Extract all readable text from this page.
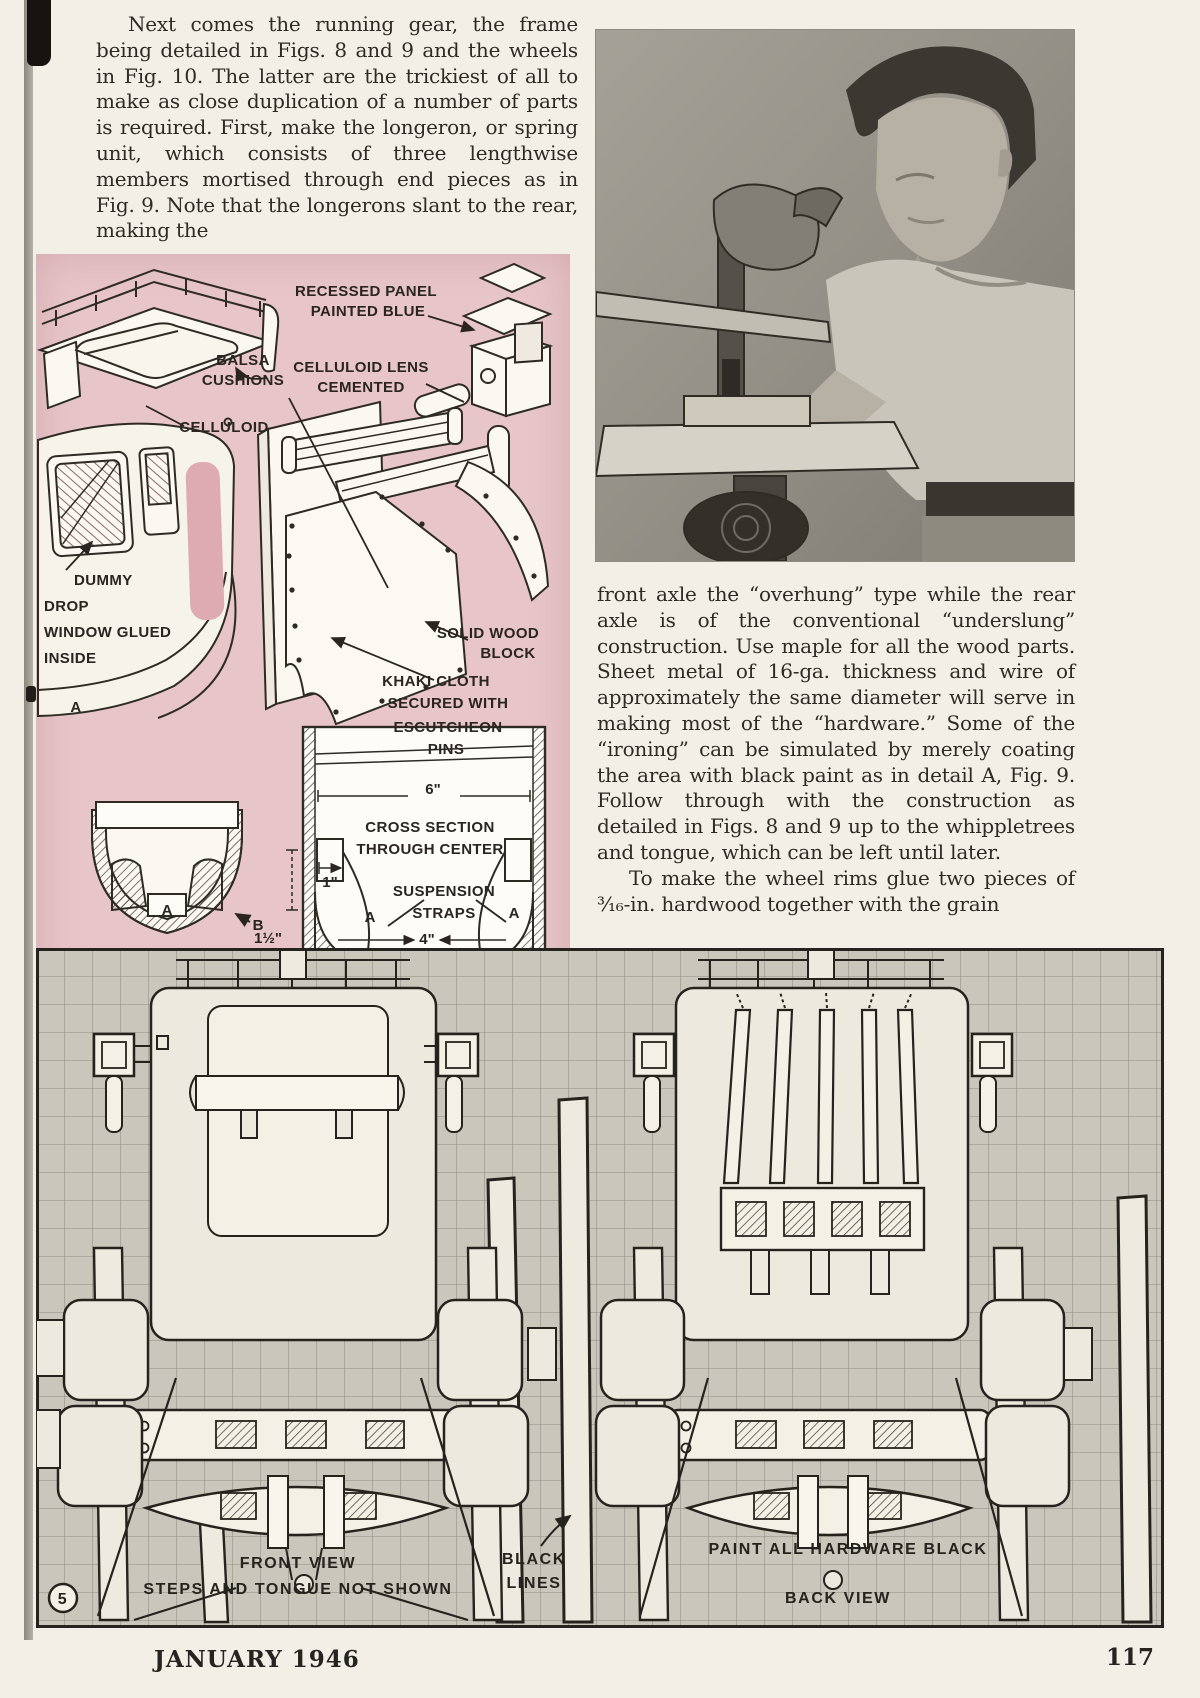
Next comes the running gear, the frame being detailed in Figs. 8 and 9 and the wheels in Fig. 10. The latter are the trickiest of all to make as close duplication of a number of parts is required. First, make the longeron, or spring unit, which consists of three lengthwise members mortised through end pieces as in Fig. 9. Note that the longerons slant to the rear, making the

front axle the “overhung” type while the rear axle is of the conventional “underslung” construction. Use maple for all the wood parts. Sheet metal of 16-ga. thickness and wire of approximately the same diameter will serve in making most of the “hardware.” Some of the “ironing” can be simulated by merely coating the area with black paint as in detail A, Fig. 9. Follow through with the construction as detailed in Figs. 8 and 9 up to the whippletrees and tongue, which can be left until later.

To make the wheel rims glue two pieces of ³⁄₁₆-in. hardwood together with the grain

RECESSED PANEL
PAINTED BLUE
BALSA
CUSHIONS
CELLULOID LENS
CEMENTED
CELLULOID
DUMMY
DROP
WINDOW GLUED
INSIDE
A
SOLID WOOD
BLOCK
KHAKI CLOTH
SECURED WITH
ESCUTCHEON
PINS
6"
CROSS SECTION
THROUGH CENTER
1"
SUSPENSION
STRAPS
A	A
1½"	4"
A
B
5
FRONT VIEW
STEPS AND TONGUE NOT SHOWN
BLACK
LINES
PAINT ALL HARDWARE BLACK
BACK VIEW
JANUARY 1946	117
